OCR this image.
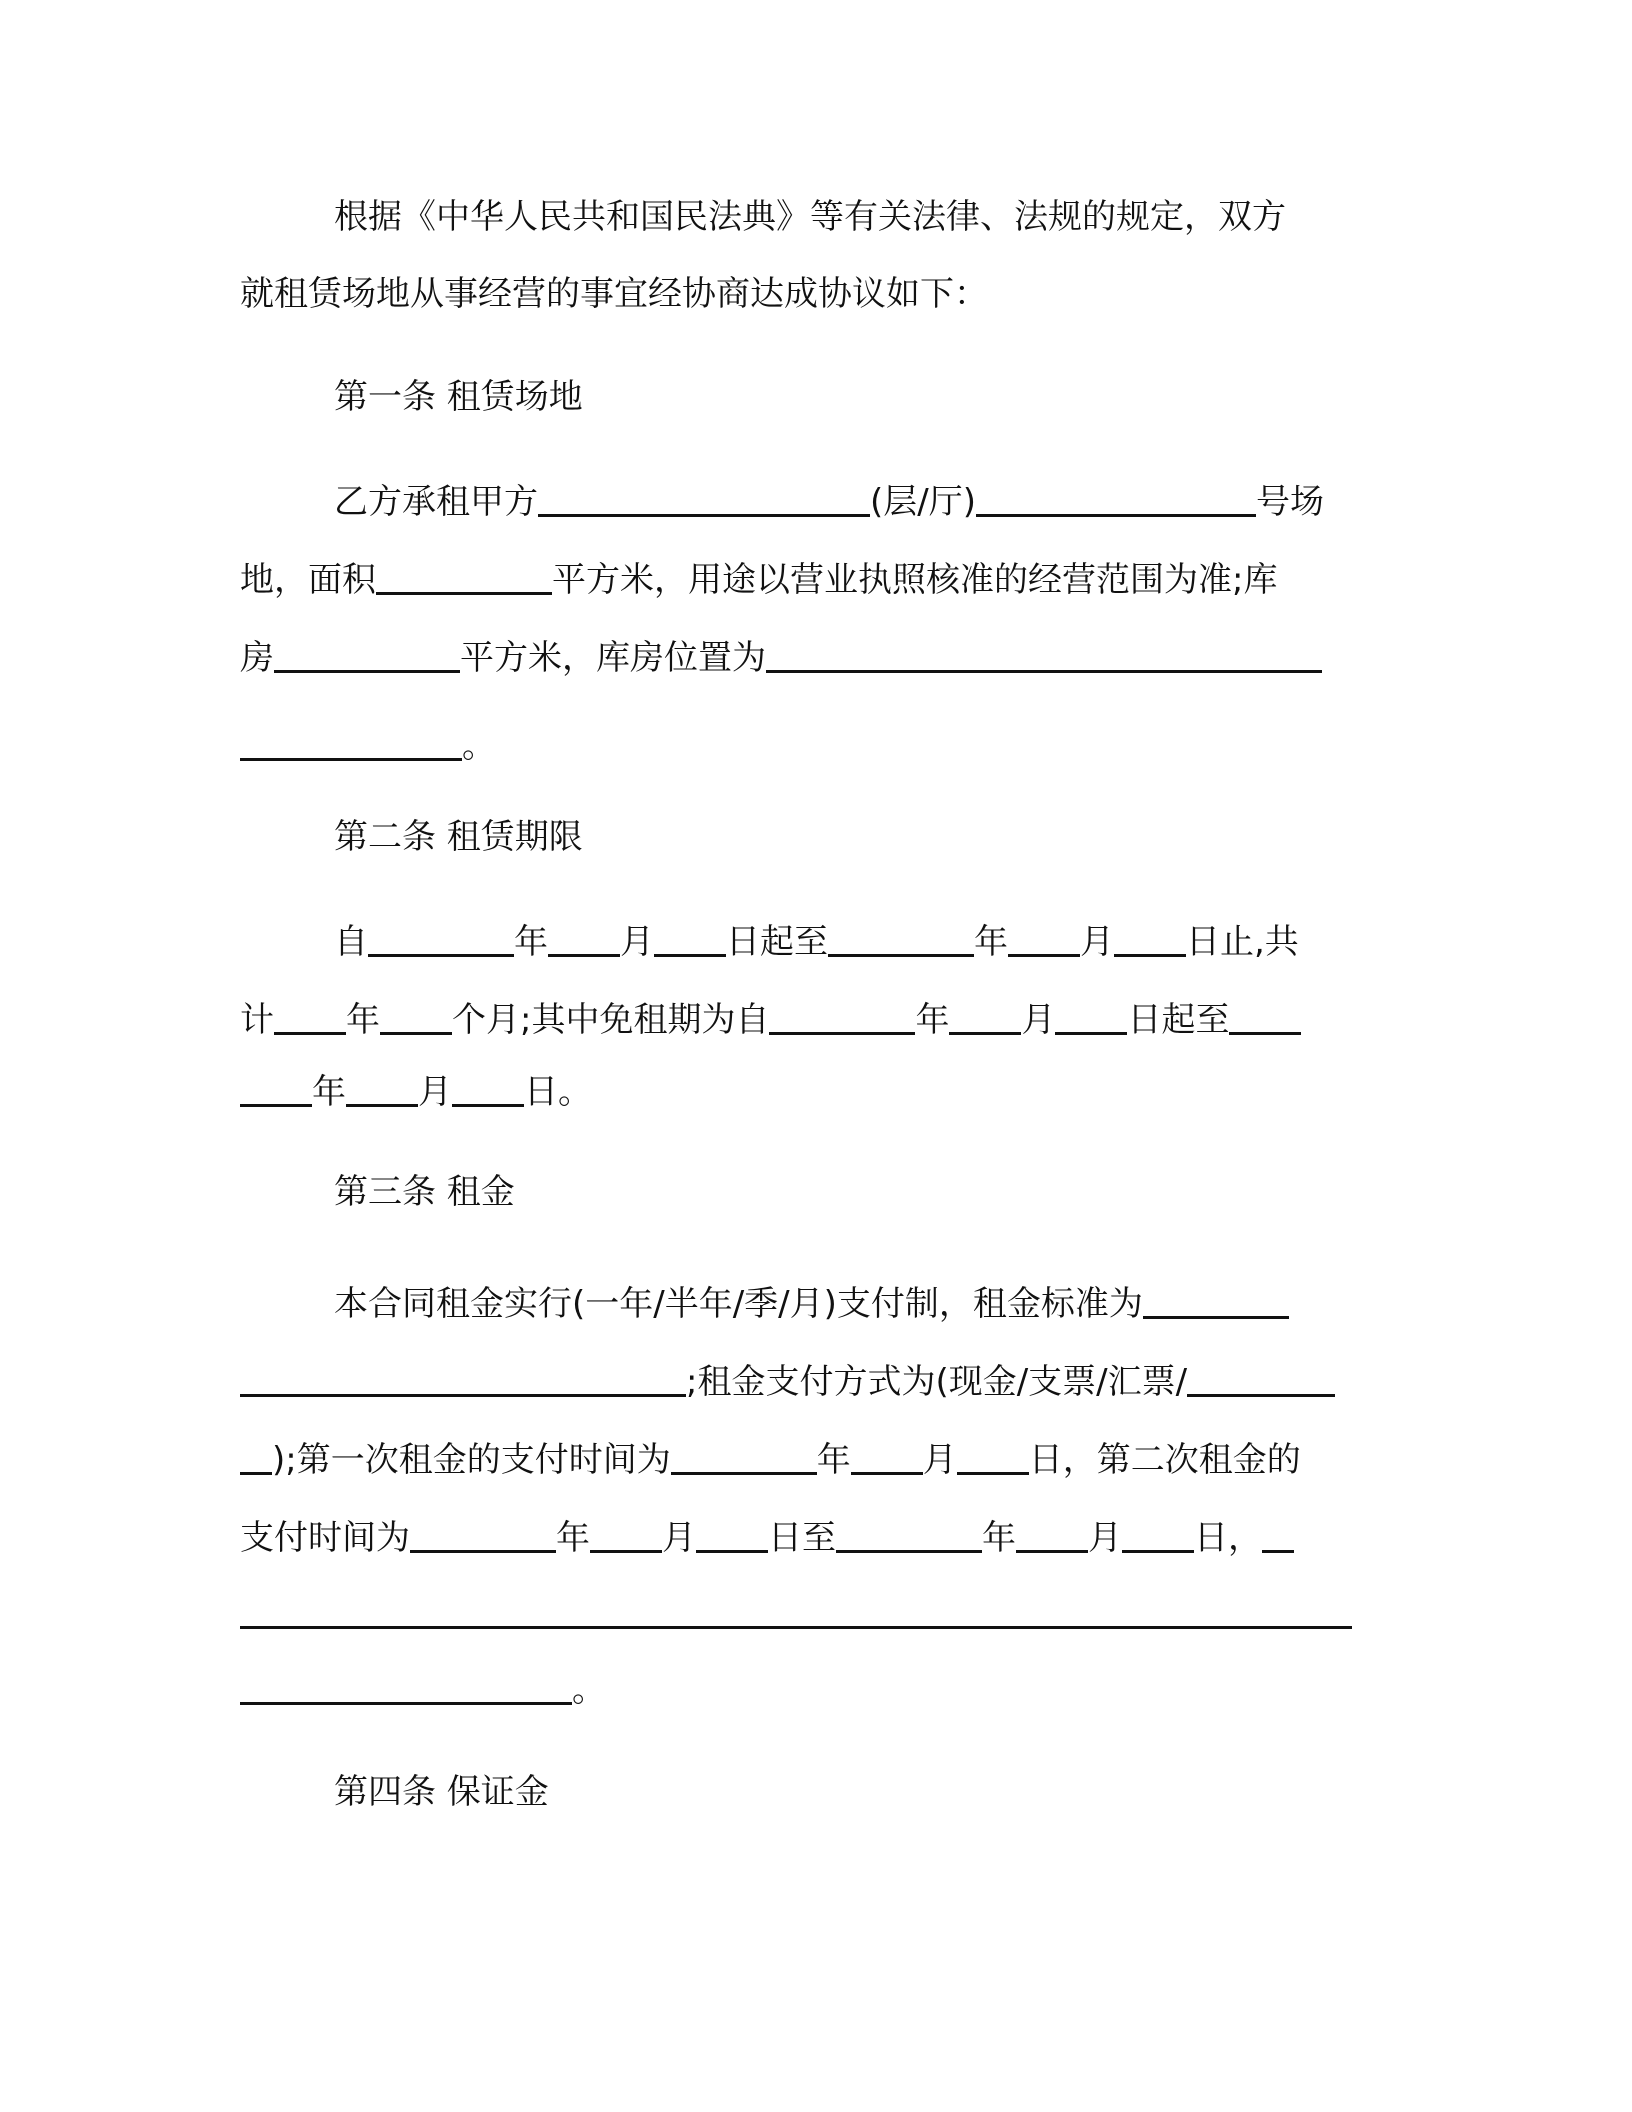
根据《中华人民共和国民法典》等有关法律、法规的规定，双方
就租赁场地从事经营的事宜经协商达成协议如下：
第一条 租赁场地
乙方承租甲方	(层/厅)	号场
地，面积	平方米，用途以营业执照核准的经营范围为准;库
房	平方米，库房位置为
。
第二条 租赁期限
自	年 月 日起至	年 月 日止,共
计 年 个月;其中免租期为自	年 月 日起至
年 月 日。
第三条 租金
本合同租金实行(一年/半年/季/月)支付制，租金标准为
;租金支付方式为(现金/支票/汇票/
);第一次租金的支付时间为	年 月 日，第二次租金的
支付时间为	年 月 日至	年 月 日，
。
第四条 保证金
